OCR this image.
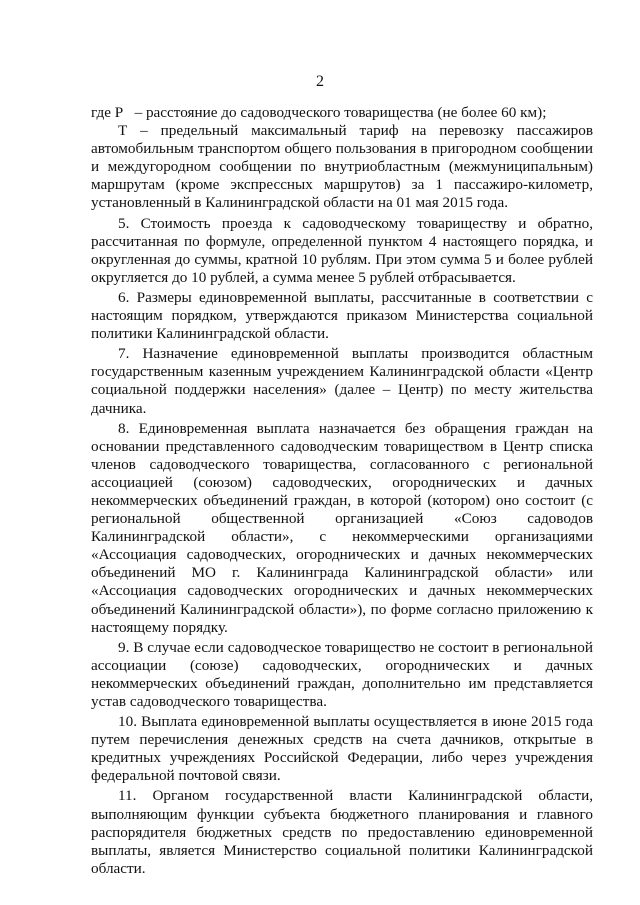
2

где Р   – расстояние до садоводческого товарищества (не более 60 км);

Т – предельный максимальный тариф на перевозку пассажиров автомобильным транспортом общего пользования в пригородном сообщении и междугородном сообщении по внутриобластным (межмуниципальным) маршрутам (кроме экспрессных маршрутов) за 1 пассажиро-километр, установленный в Калининградской области на 01 мая 2015 года.

5. Стоимость проезда к садоводческому товариществу и обратно, рассчитанная по формуле, определенной пунктом 4 настоящего порядка, и округленная до суммы, кратной 10 рублям. При этом сумма 5 и более рублей округляется до 10 рублей, а сумма менее 5 рублей отбрасывается.

6. Размеры единовременной выплаты, рассчитанные в соответствии с настоящим порядком, утверждаются приказом Министерства социальной политики Калининградской области.

7. Назначение единовременной выплаты производится областным государственным казенным учреждением Калининградской области «Центр социальной поддержки населения» (далее – Центр) по месту жительства дачника.

8. Единовременная выплата назначается без обращения граждан на основании представленного садоводческим товариществом в Центр списка членов садоводческого товарищества, согласованного с региональной ассоциацией (союзом) садоводческих, огороднических и дачных некоммерческих объединений граждан, в которой (котором) оно состоит (с региональной общественной организацией «Союз садоводов Калининградской области», с некоммерческими организациями «Ассоциация садоводческих, огороднических и дачных некоммерческих объединений МО г. Калининграда Калининградской области» или «Ассоциация садоводческих огороднических и дачных некоммерческих объединений Калининградской области»), по форме согласно приложению к настоящему порядку.

9. В случае если садоводческое товарищество не состоит в региональной ассоциации (союзе) садоводческих, огороднических и дачных некоммерческих объединений граждан, дополнительно им представляется устав садоводческого товарищества.

10. Выплата единовременной выплаты осуществляется в июне 2015 года путем перечисления денежных средств на счета дачников, открытые в кредитных учреждениях Российской Федерации, либо через учреждения федеральной почтовой связи.

11. Органом государственной власти Калининградской области, выполняющим функции субъекта бюджетного планирования и главного распорядителя бюджетных средств по предоставлению единовременной выплаты, является Министерство социальной политики Калининградской области.
